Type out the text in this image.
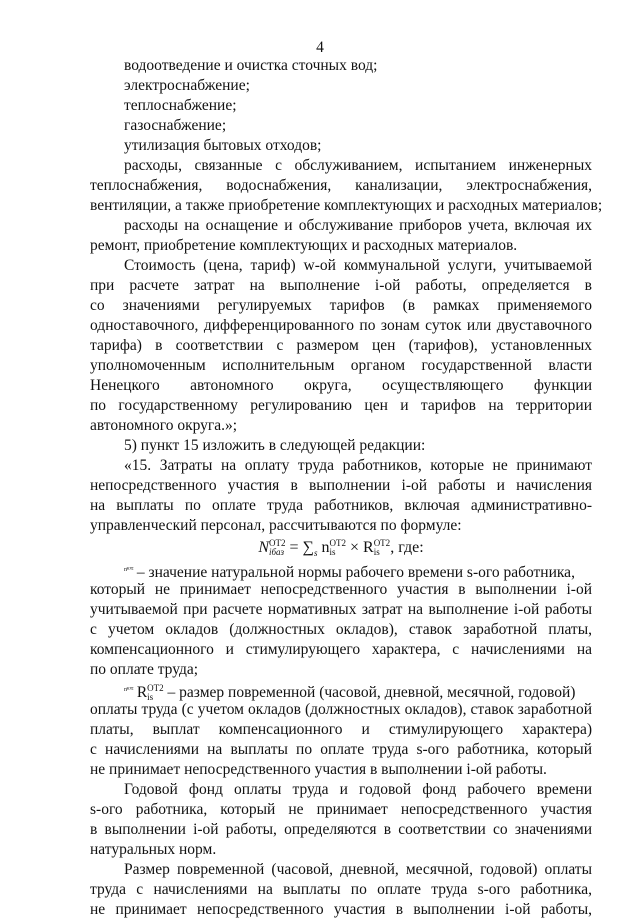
4
водоотведение и очистка сточных вод;
электроснабжение;
теплоснабжение;
газоснабжение;
утилизация бытовых отходов;
расходы, связанные с обслуживанием, испытанием инженерных
теплоснабжения, водоснабжения, канализации, электроснабжения,
вентиляции, а также приобретение комплектующих и расходных материалов;
расходы на оснащение и обслуживание приборов учета, включая их
ремонт, приобретение комплектующих и расходных материалов.
Стоимость (цена, тариф) w-ой коммунальной услуги, учитываемой
при расчете затрат на выполнение i-ой работы, определяется в
со значениями регулируемых тарифов (в рамках применяемого
одноставочного, дифференцированного по зонам суток или двуставочного
тарифа) в соответствии с размером цен (тарифов), установленных
уполномоченным исполнительным органом государственной власти
Ненецкого автономного округа, осуществляющего функции
по государственному регулированию цен и тарифов на территории
автономного округа.»;
5) пункт 15 изложить в следующей редакции:
«15. Затраты на оплату труда работников, которые не принимают
непосредственного участия в выполнении i-ой работы и начисления
на выплаты по оплате труда работников, включая административно-
управленческий персонал, рассчитываются по формуле:
NОТ2
iбаз = $\sum_s$ nОТ2
is × RОТ2
is , где:
$^{nᴵˢᴼᵀ^2}$ – значение натуральной нормы рабочего времени s-ого работника,
который не принимает непосредственного участия в выполнении i-ой
учитываемой при расчете нормативных затрат на выполнение i-ой работы
с учетом окладов (должностных окладов), ставок заработной платы,
компенсационного и стимулирующего характера, с начислениями на
по оплате труда;
$^{nᴵˢᴼᵀ^2}$ RОТ2
is – размер повременной (часовой, дневной, месячной, годовой)
оплаты труда (с учетом окладов (должностных окладов), ставок заработной
платы, выплат компенсационного и стимулирующего характера)
с начислениями на выплаты по оплате труда s-ого работника, который
не принимает непосредственного участия в выполнении i-ой работы.
Годовой фонд оплаты труда и годовой фонд рабочего времени
s-ого работника, который не принимает непосредственного участия
в выполнении i-ой работы, определяются в соответствии со значениями
натуральных норм.
Размер повременной (часовой, дневной, месячной, годовой) оплаты
труда с начислениями на выплаты по оплате труда s-ого работника,
не принимает непосредственного участия в выполнении i-ой работы,
